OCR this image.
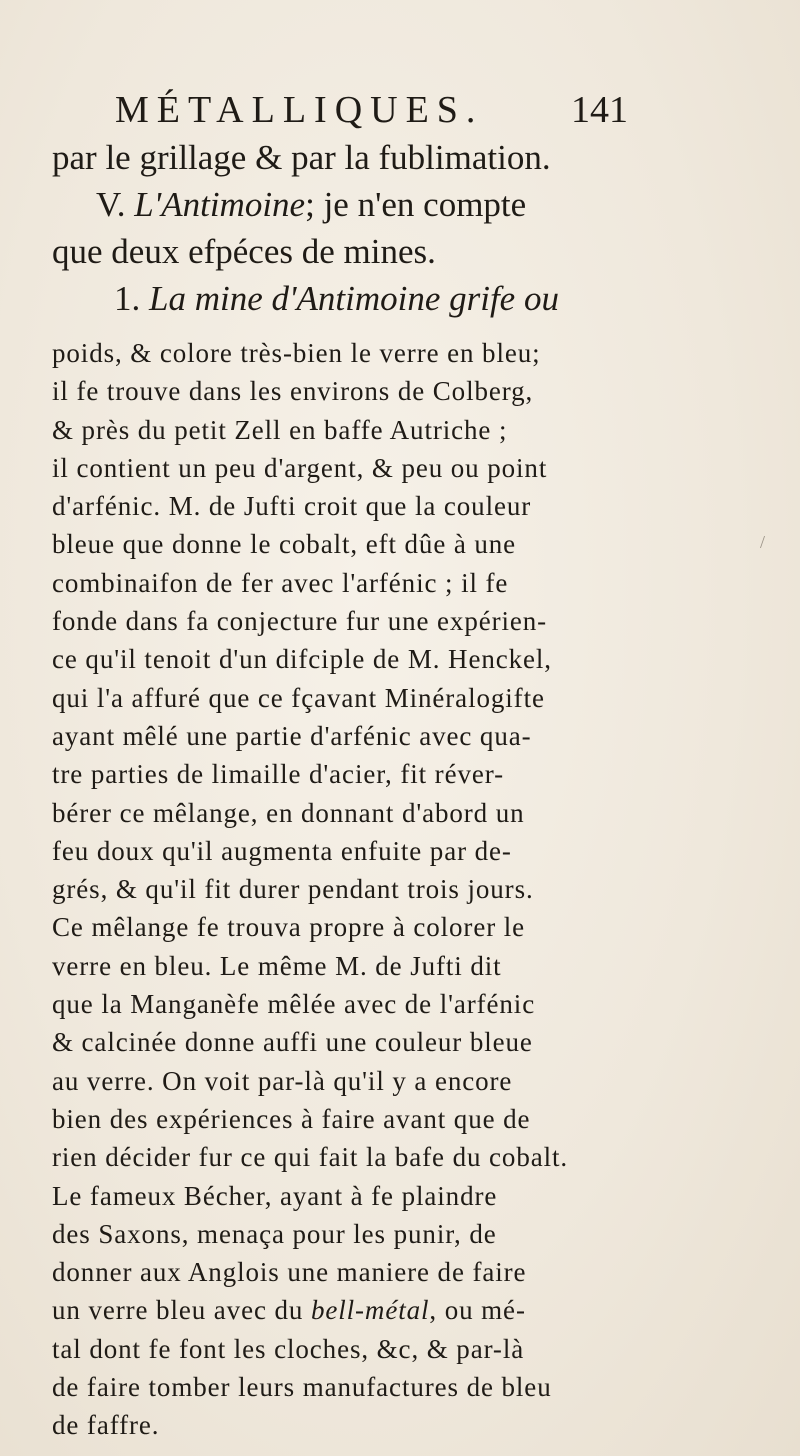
MÉTALLIQUES. 141
par le grillage & par la fublimation.
V. L'Antimoine; je n'en compte
que deux efpéces de mines.
1. La mine d'Antimoine grife ou
poids, & colore très-bien le verre en bleu;
il fe trouve dans les environs de Colberg,
& près du petit Zell en baffe Autriche ;
il contient un peu d'argent, & peu ou point
d'arfénic. M. de Jufti croit que la couleur
bleue que donne le cobalt, eft dûe à une
combinaifon de fer avec l'arfénic ; il fe
fonde dans fa conjecture fur une expérien-
ce qu'il tenoit d'un difciple de M. Henckel,
qui l'a affuré que ce fçavant Minéralogifte
ayant mêlé une partie d'arfénic avec qua-
tre parties de limaille d'acier, fit réver-
bérer ce mêlange, en donnant d'abord un
feu doux qu'il augmenta enfuite par de-
grés, & qu'il fit durer pendant trois jours.
Ce mêlange fe trouva propre à colorer le
verre en bleu. Le même M. de Jufti dit
que la Manganèfe mêlée avec de l'arfénic
& calcinée donne auffi une couleur bleue
au verre. On voit par-là qu'il y a encore
bien des expériences à faire avant que de
rien décider fur ce qui fait la bafe du cobalt.
Le fameux Bécher, ayant à fe plaindre
des Saxons, menaça pour les punir, de
donner aux Anglois une maniere de faire
un verre bleu avec du bell-métal, ou mé-
tal dont fe font les cloches, &c, & par-là
de faire tomber leurs manufactures de bleu
de faffre.
/
